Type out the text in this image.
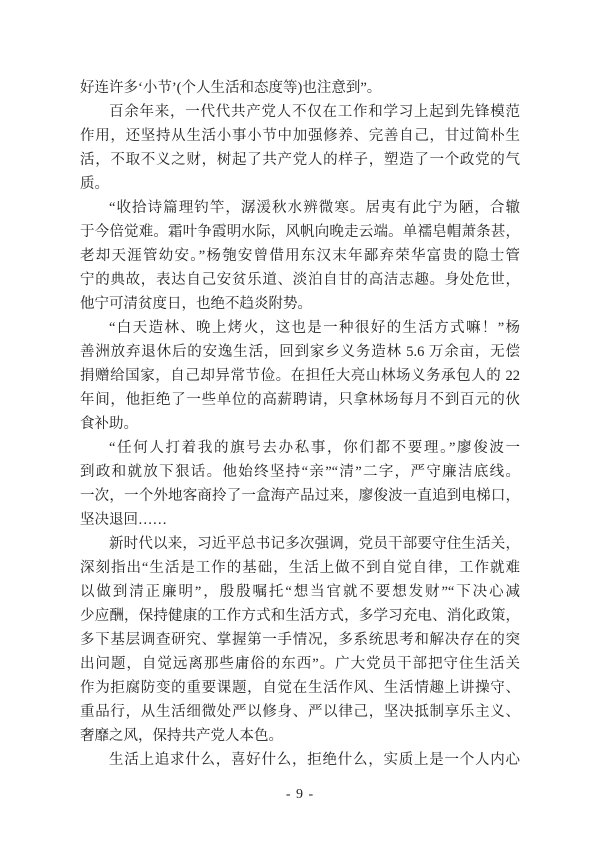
好连许多‘小节’(个人生活和态度等)也注意到”。
百余年来，一代代共产党人不仅在工作和学习上起到先锋模范
作用，还坚持从生活小事小节中加强修养、完善自己，甘过简朴生
活，不取不义之财，树起了共产党人的样子，塑造了一个政党的气
质。
“收拾诗篇理钓竿，潺湲秋水辨微寒。居夷有此宁为陋，合辙
于今倍觉难。霜叶争霞明水际，风帆向晚走云端。单襦皂帽萧条甚，
老却天涯管幼安。”杨匏安曾借用东汉末年鄙弃荣华富贵的隐士管
宁的典故，表达自己安贫乐道、淡泊自甘的高洁志趣。身处危世，
他宁可清贫度日，也绝不趋炎附势。
“白天造林、晚上烤火，这也是一种很好的生活方式嘛！”杨
善洲放弃退休后的安逸生活，回到家乡义务造林 5.6 万余亩，无偿
捐赠给国家，自己却异常节俭。在担任大亮山林场义务承包人的 22
年间，他拒绝了一些单位的高薪聘请，只拿林场每月不到百元的伙
食补助。
“任何人打着我的旗号去办私事，你们都不要理。”廖俊波一
到政和就放下狠话。他始终坚持“亲”“清”二字，严守廉洁底线。
一次，一个外地客商拎了一盒海产品过来，廖俊波一直追到电梯口，
坚决退回……
新时代以来，习近平总书记多次强调，党员干部要守住生活关，
深刻指出“生活是工作的基础，生活上做不到自觉自律，工作就难
以做到清正廉明”，殷殷嘱托“想当官就不要想发财”“下决心减
少应酬，保持健康的工作方式和生活方式，多学习充电、消化政策，
多下基层调查研究、掌握第一手情况，多系统思考和解决存在的突
出问题，自觉远离那些庸俗的东西”。广大党员干部把守住生活关
作为拒腐防变的重要课题，自觉在生活作风、生活情趣上讲操守、
重品行，从生活细微处严以修身、严以律己，坚决抵制享乐主义、
奢靡之风，保持共产党人本色。
生活上追求什么，喜好什么，拒绝什么，实质上是一个人内心
- 9 -
